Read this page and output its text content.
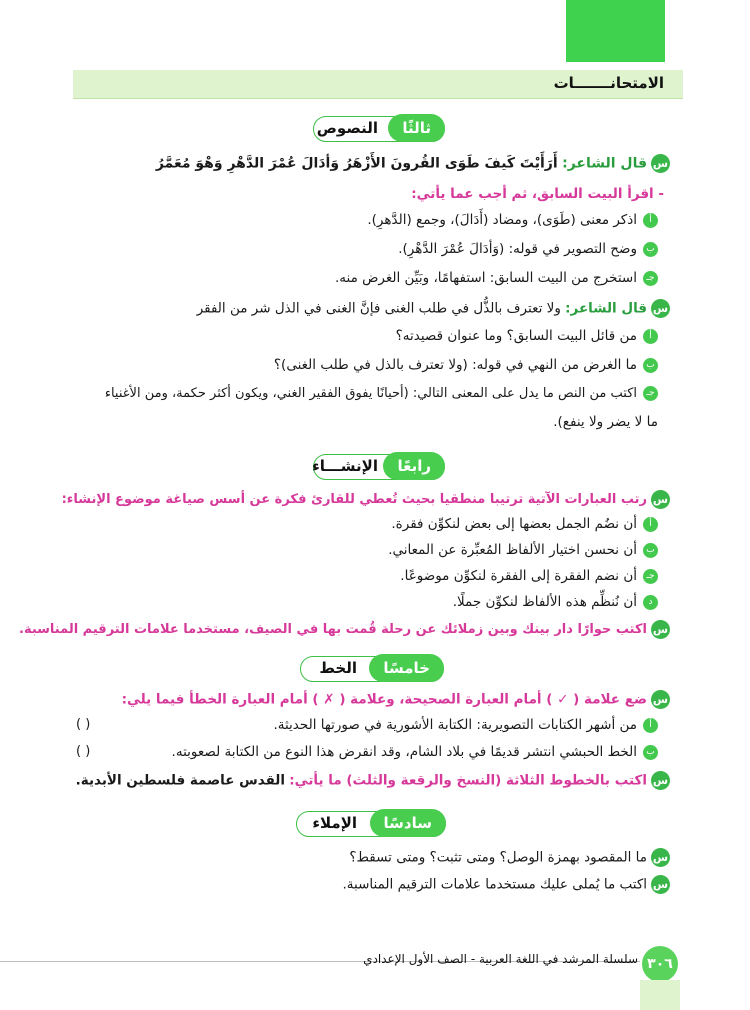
الامتحانـــــــات
ثالثًا
النصوص
سقال الشاعر: أَرَأَيْتَ كَيفَ طَوَى القُرونَ الأَزْهَرُ وَأدَالَ عُمْرَ الدَّهْرِ وَهْوَ مُعَمَّرُ
- اقرأ البيت السابق، ثم أجب عما يأتي:
أاذكر معنى (طَوَى)، ومضاد (أَدَالَ)، وجمع (الدَّهرِ).
بوضح التصوير في قوله: (وَأدَالَ عُمْرَ الدَّهْرِ).
جـاستخرج من البيت السابق: استفهامًا، وبَيِّن الغرض منه.
سقال الشاعر: ولا تعترف بالذُّل في طلب الغنى فإنَّ الغنى في الذل شر من الفقر
أمن قائل البيت السابق؟ وما عنوان قصيدته؟
بما الغرض من النهي في قوله: (ولا تعترف بالذل في طلب الغنى)؟
جـاكتب من النص ما يدل على المعنى التالي: (أحيانًا يفوق الفقير الغني، ويكون أكثر حكمة، ومن الأغنياء
ما لا يضر ولا ينفع).
رابعًا
الإنشـــاء
سرتب العبارات الآتية ترتيبا منطقيا بحيث تُعطي للقارئ فكرة عن أسس صياغة موضوع الإنشاء:
أأن نضُم الجمل بعضها إلى بعض لنكوِّن فقرة.
بأن نحسن اختيار الألفاظ المُعبِّرة عن المعاني.
جـأن نضم الفقرة إلى الفقرة لنكوِّن موضوعًا.
دأن نُنظِّم هذه الألفاظ لنكوِّن جملًا.
ساكتب حوارًا دار بينك وبين زملائك عن رحلة قُمت بها في الصيف، مستخدما علامات الترقيم المناسبة.
خامسًا
الخط
سضع علامة ( ✓ ) أمام العبارة الصحيحة، وعلامة ( ✗ ) أمام العبارة الخطأ فيما يلي:
أمن أشهر الكتابات التصويرية: الكتابة الأشورية في صورتها الحديثة.
( )
بالخط الحبشي انتشر قديمًا في بلاد الشام، وقد انقرض هذا النوع من الكتابة لصعوبته.
( )
ساكتب بالخطوط الثلاثة (النسخ والرقعة والثلث) ما يأتي: القدس عاصمة فلسطين الأبدية.
سادسًا
الإملاء
سما المقصود بهمزة الوصل؟ ومتى تثبت؟ ومتى تسقط؟
ساكتب ما يُملى عليك مستخدما علامات الترقيم المناسبة.
سلسلة المرشد في اللغة العربية - الصف الأول الإعدادي ٣٠٦
